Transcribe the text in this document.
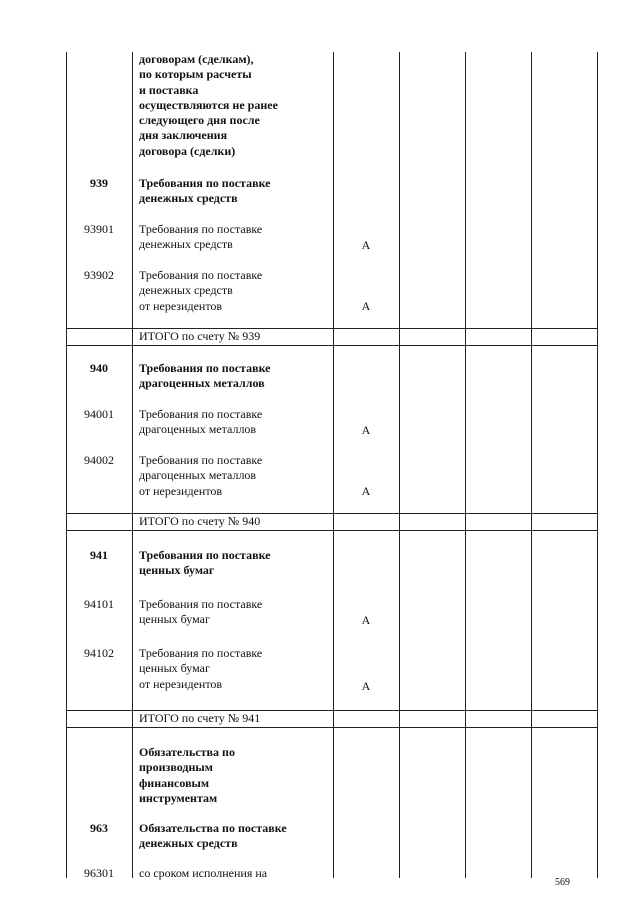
договорам (сделкам),
по которым расчеты
и поставка
осуществляются не ранее
следующего дня после
дня заключения
договора (сделки)
939	Требования по поставке
денежных средств
93901	Требования по поставке
денежных средств	А
93902	Требования по поставке
денежных средств
от нерезидентов	А
ИТОГО по счету № 939
940	Требования по поставке
драгоценных металлов
94001	Требования по поставке
драгоценных металлов	А
94002	Требования по поставке
драгоценных металлов
от нерезидентов	А
ИТОГО по счету № 940
941	Требования по поставке
ценных бумаг
94101	Требования по поставке
ценных бумаг	А
94102	Требования по поставке
ценных бумаг
от нерезидентов	А
ИТОГО по счету № 941
Обязательства по
производным
финансовым
инструментам
963	Обязательства по поставке
денежных средств
96301	со сроком исполнения на
569
